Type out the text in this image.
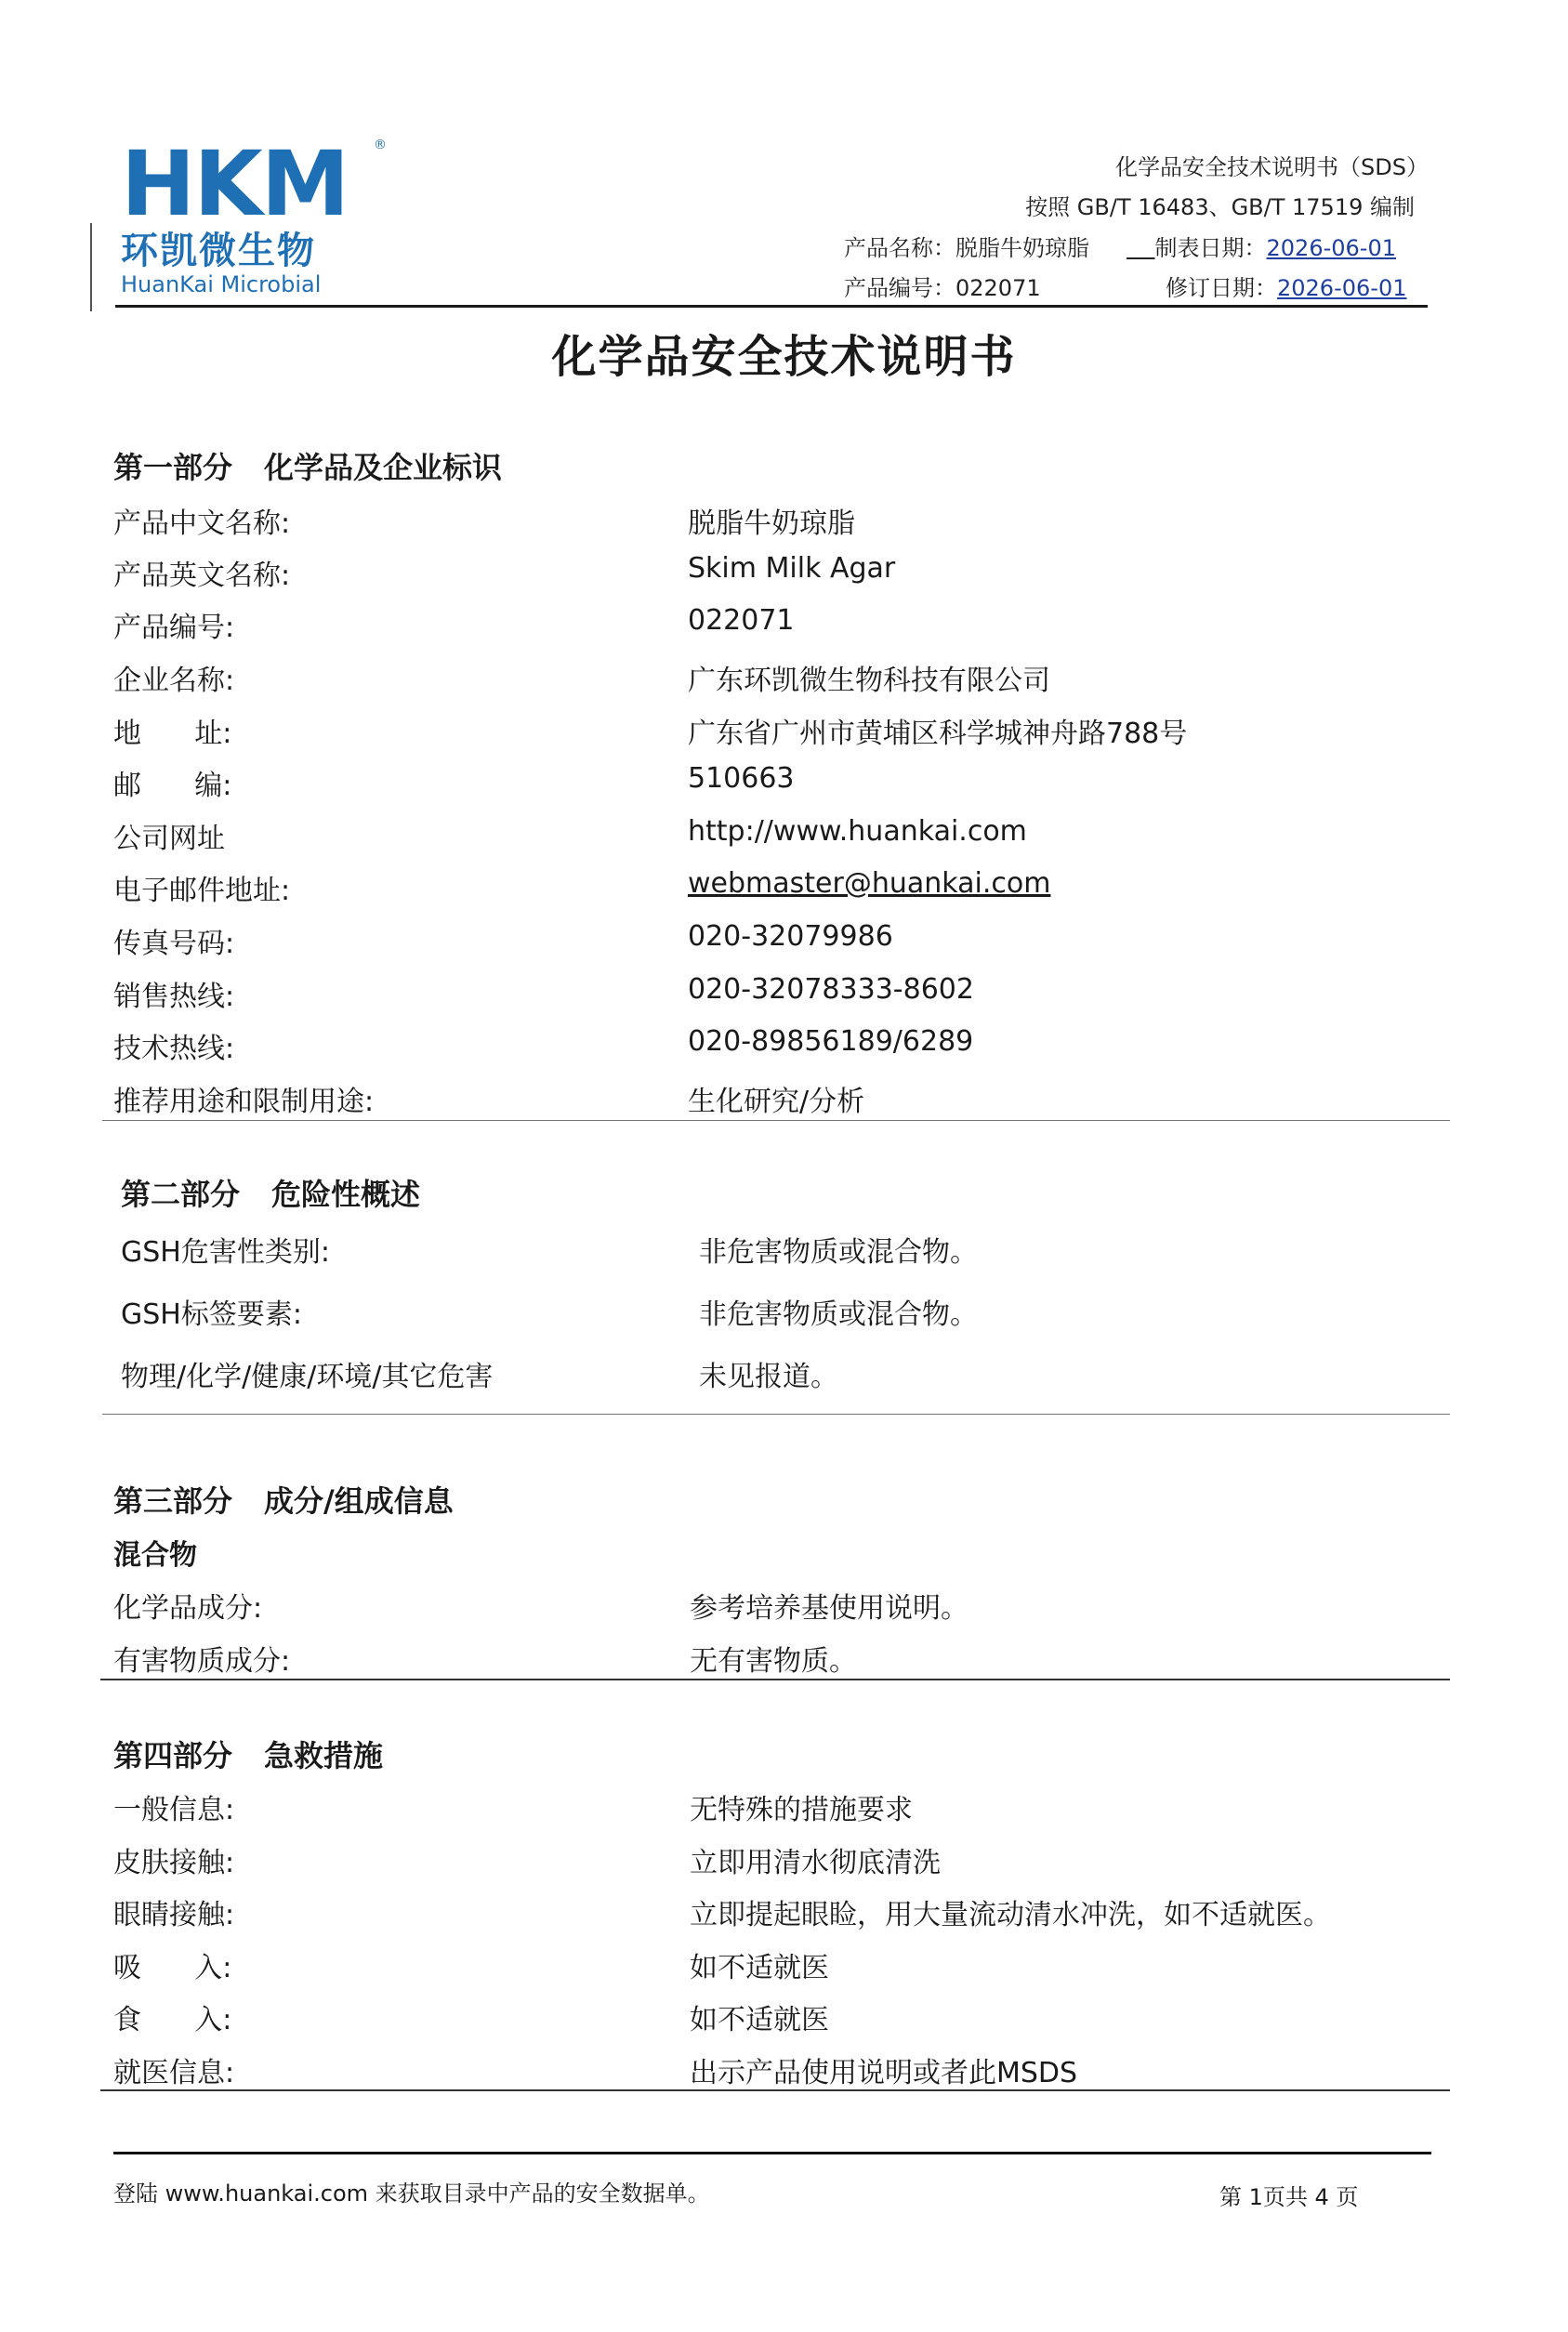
HKM	®
环凯微生物
HuanKai Microbial
化学品安全技术说明书（SDS）
按照 GB/T 16483、GB/T 17519 编制
产品名称：脱脂牛奶琼脂	制表日期：2026-06-01
产品编号：022071	修订日期：2026-06-01
化学品安全技术说明书
第一部分 化学品及企业标识
产品中文名称:	脱脂牛奶琼脂
产品英文名称:	Skim Milk Agar
产品编号:	022071
企业名称:	广东环凯微生物科技有限公司
地      址:	广东省广州市黄埔区科学城神舟路788号
邮      编:	510663
公司网址	http://www.huankai.com
电子邮件地址:	webmaster@huankai.com
传真号码:	020-32079986
销售热线:	020-32078333-8602
技术热线:	020-89856189/6289
推荐用途和限制用途:	生化研究/分析
第二部分 危险性概述
GSH危害性类别:	非危害物质或混合物。
GSH标签要素:	非危害物质或混合物。
物理/化学/健康/环境/其它危害	未见报道。
第三部分 成分/组成信息
混合物
化学品成分:	参考培养基使用说明。
有害物质成分:	无有害物质。
第四部分 急救措施
一般信息:	无特殊的措施要求
皮肤接触:	立即用清水彻底清洗
眼睛接触:	立即提起眼睑，用大量流动清水冲洗，如不适就医。
吸      入:	如不适就医
食      入:	如不适就医
就医信息:	出示产品使用说明或者此MSDS
登陆 www.huankai.com 来获取目录中产品的安全数据单。	第 1页共 4 页
